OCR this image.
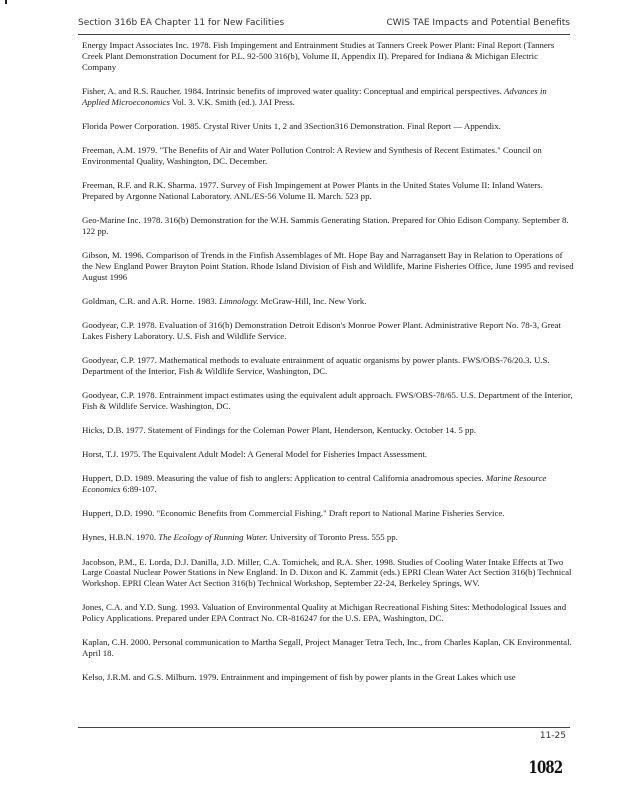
Section 316b EA Chapter 11 for New Facilities	CWIS TAE Impacts and Potential Benefits

Energy Impact Associates Inc. 1978. Fish Impingement and Entrainment Studies at Tanners Creek Power Plant: Final Report (Tanners Creek Plant Demonstration Document for P.L. 92-500 316(b), Volume II, Appendix II). Prepared for Indiana & Michigan Electric Company

Fisher, A. and R.S. Raucher. 1984. Intrinsic benefits of improved water quality: Conceptual and empirical perspectives. Advances in Applied Microeconomics Vol. 3. V.K. Smith (ed.). JAI Press.

Florida Power Corporation. 1985. Crystal River Units 1, 2 and 3Section316 Demonstration. Final Report — Appendix.

Freeman, A.M. 1979. "The Benefits of Air and Water Pollution Control: A Review and Synthesis of Recent Estimates." Council on Environmental Quality, Washington, DC. December.

Freeman, R.F. and R.K. Sharma. 1977. Survey of Fish Impingement at Power Plants in the United States Volume II: Inland Waters. Prepared by Argonne National Laboratory. ANL/ES-56 Volume II. March. 523 pp.

Geo-Marine Inc. 1978. 316(b) Demonstration for the W.H. Sammis Generating Station. Prepared for Ohio Edison Company. September 8. 122 pp.

Gibson, M. 1996. Comparison of Trends in the Finfish Assemblages of Mt. Hope Bay and Narragansett Bay in Relation to Operations of the New England Power Brayton Point Station. Rhode Island Division of Fish and Wildlife, Marine Fisheries Office, June 1995 and revised August 1996

Goldman, C.R. and A.R. Horne. 1983. Limnology. McGraw-Hill, Inc. New York.

Goodyear, C.P. 1978. Evaluation of 316(b) Demonstration Detroit Edison's Monroe Power Plant. Administrative Report No. 78-3, Great Lakes Fishery Laboratory. U.S. Fish and Wildlife Service.

Goodyear, C.P. 1977. Mathematical methods to evaluate entrainment of aquatic organisms by power plants. FWS/OBS-76/20.3. U.S. Department of the Interior, Fish & Wildlife Service, Washington, DC.

Goodyear, C.P. 1978. Entrainment impact estimates using the equivalent adult approach. FWS/OBS-78/65. U.S. Department of the Interior, Fish & Wildlife Service. Washington, DC.

Hicks, D.B. 1977. Statement of Findings for the Coleman Power Plant, Henderson, Kentucky. October 14. 5 pp.

Horst, T.J. 1975. The Equivalent Adult Model: A General Model for Fisheries Impact Assessment.

Huppert, D.D. 1989. Measuring the value of fish to anglers: Application to central California anadromous species. Marine Resource Economics 6:89-107.

Huppert, D.D. 1990. "Economic Benefits from Commercial Fishing." Draft report to National Marine Fisheries Service.

Hynes, H.B.N. 1970. The Ecology of Running Water. University of Toronto Press. 555 pp.

Jacobson, P.M., E. Lorda, D.J. Danilla, J.D. Miller, C.A. Tomichek, and R.A. Sher. 1998. Studies of Cooling Water Intake Effects at Two Large Coastal Nuclear Power Stations in New England. In D. Dixon and K. Zammit (eds.) EPRI Clean Water Act Section 316(b) Technical Workshop. EPRI Clean Water Act Section 316(b) Technical Workshop, September 22-24, Berkeley Springs, WV.

Jones, C.A. and Y.D. Sung. 1993. Valuation of Environmental Quality at Michigan Recreational Fishing Sites: Methodological Issues and Policy Applications. Prepared under EPA Contract No. CR-816247 for the U.S. EPA, Washington, DC.

Kaplan, C.H. 2000. Personal communication to Martha Segall, Project Manager Tetra Tech, Inc., from Charles Kaplan, CK Environmental. April 18.

Kelso, J.R.M. and G.S. Milburn. 1979. Entrainment and impingement of fish by power plants in the Great Lakes which use

11-25
1082
